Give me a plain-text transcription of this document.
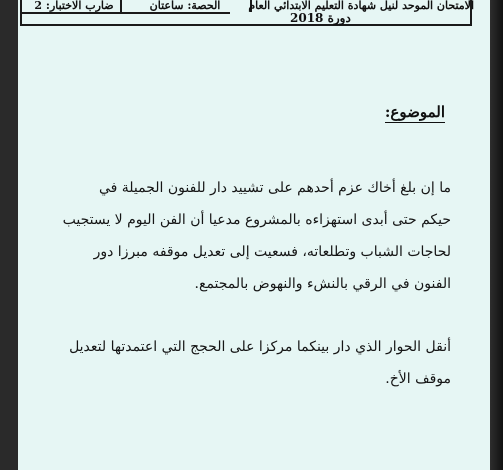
ضارب الاختبار: 2	الحصة: ساعتان	الامتحان الموحد لنيل شهادة التعليم الابتدائي العام
دورة 2018
الموضوع:
ما إن بلغ أخاك عزم أحدهم على تشييد دار للفنون الجميلة في
حيكم حتى أبدى استهزاءه بالمشروع مدعيا أن الفن اليوم لا يستجيب
لحاجات الشباب وتطلعاته، فسعيت إلى تعديل موقفه مبرزا دور
الفنون في الرقي بالنشء والنهوض بالمجتمع.
أنقل الحوار الذي دار بينكما مركزا على الحجج التي اعتمدتها لتعديل
موقف الأخ.
